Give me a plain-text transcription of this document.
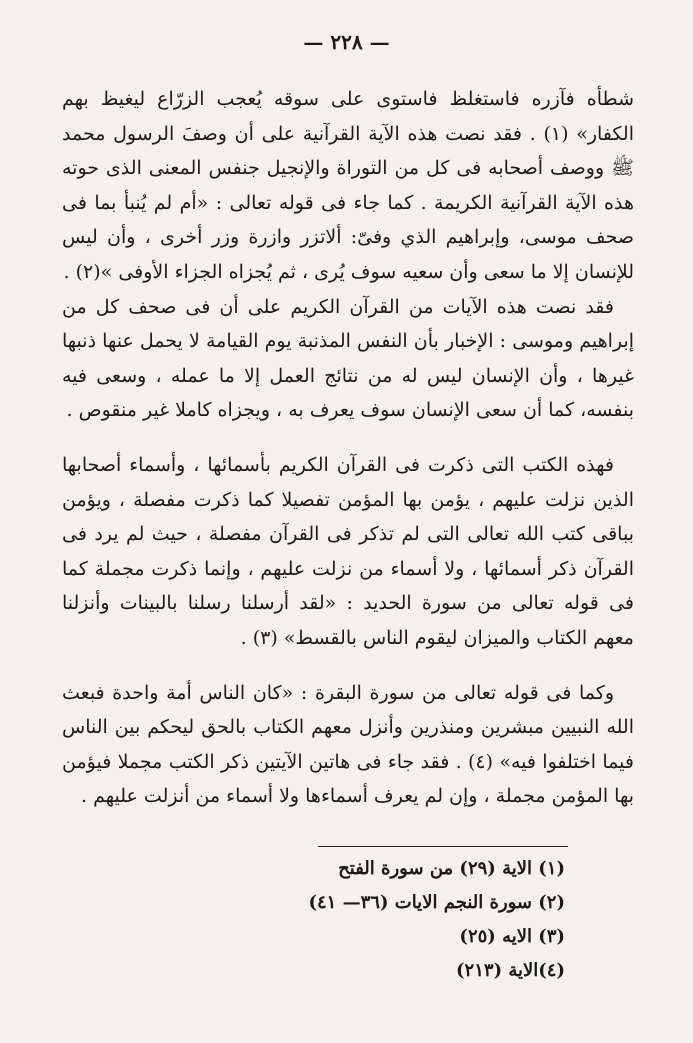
— ٢٢٨ —

شطأه فآزره فاستغلظ فاستوى على سوقه يُعجب الزرّاع ليغيظ بهم الكفار» (١) . فقد نصت هذه الآية القرآنية على أن وصفَ الرسول محمد ﷺ ووصف أصحابه فى كل من التوراة والإنجيل جنفس المعنى الذى حوته هذه الآية القرآنية الكريمة . كما جاء فى قوله تعالى : «أم لم يُنبأ بما فى صحف موسى، وإبراهيم الذي وفىّ: ألاتزر وازرة وزر أخرى ، وأن ليس للإنسان إلا ما سعى وأن سعيه سوف يُرى ، ثم يُجزاه الجزاء الأوفى »(٢) .

فقد نصت هذه الآيات من القرآن الكريم على أن فى صحف كل من إبراهيم وموسى : الإخبار بأن النفس المذنبة يوم القيامة لا يحمل عنها ذنبها غيرها ، وأن الإنسان ليس له من نتائج العمل إلا ما عمله ، وسعى فيه بنفسه، كما أن سعى الإنسان سوف يعرف به ، ويجزاه كاملا غير منقوص .

فهذه الكتب التى ذكرت فى القرآن الكريم بأسمائها ، وأسماء أصحابها الذين نزلت عليهم ، يؤمن بها المؤمن تفصيلا كما ذكرت مفصلة ، ويؤمن بباقى كتب الله تعالى التى لم تذكر فى القرآن مفصلة ، حيث لم يرد فى القرآن ذكر أسمائها ، ولا أسماء من نزلت عليهم ، وإنما ذكرت مجملة كما فى قوله تعالى من سورة الحديد : «لقد أرسلنا رسلنا بالبينات وأنزلنا معهم الكتاب والميزان ليقوم الناس بالقسط» (٣) .

وكما فى قوله تعالى من سورة البقرة : «كان الناس أمة واحدة فبعث الله النبيين مبشرين ومنذرين وأنزل معهم الكتاب بالحق ليحكم بين الناس فيما اختلفوا فيه» (٤) . فقد جاء فى هاتين الآيتين ذكر الكتب مجملا فيؤمن بها المؤمن مجملة ، وإن لم يعرف أسماءها ولا أسماء من أنزلت عليهم .

(١) الاية (٢٩) من سورة الفتح
(٢) سورة النجم الايات (٣٦— ٤١)
(٣) الايه (٢٥)
(٤)الاية (٢١٣)
